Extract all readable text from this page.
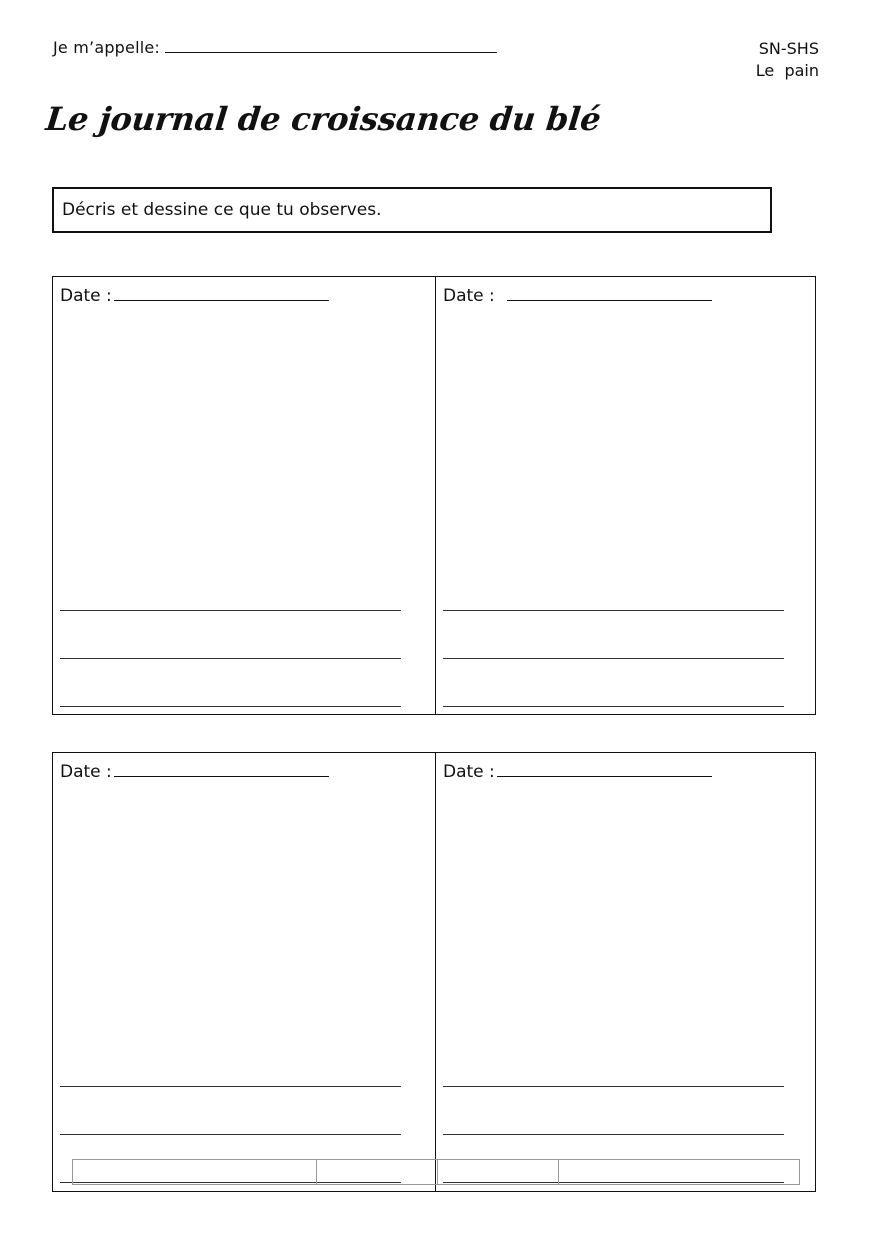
Je m’appelle:	SN-SHS
Le  pain
Le journal de croissance du blé
Décris et dessine ce que tu observes.
Date :	Date :
Date :	Date :
